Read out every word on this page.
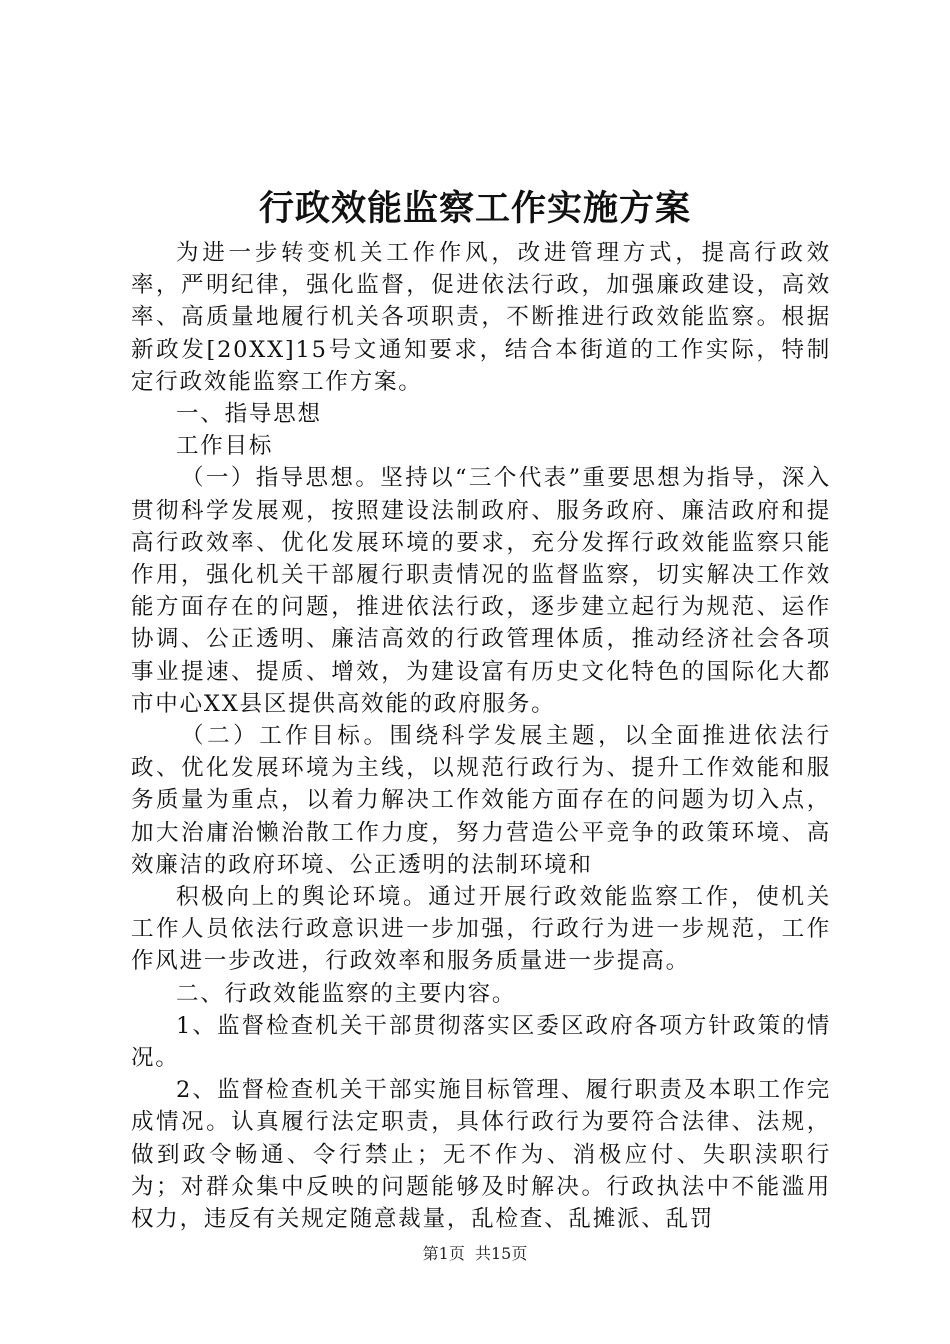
行政效能监察工作实施方案

为进一步转变机关工作作风，改进管理方式，提高行政效率，严明纪律，强化监督，促进依法行政，加强廉政建设，高效率、高质量地履行机关各项职责，不断推进行政效能监察。根据新政发[20XX]15号文通知要求，结合本街道的工作实际，特制定行政效能监察工作方案。

一、指导思想

工作目标

（一）指导思想。坚持以“三个代表”重要思想为指导，深入贯彻科学发展观，按照建设法制政府、服务政府、廉洁政府和提高行政效率、优化发展环境的要求，充分发挥行政效能监察只能作用，强化机关干部履行职责情况的监督监察，切实解决工作效能方面存在的问题，推进依法行政，逐步建立起行为规范、运作协调、公正透明、廉洁高效的行政管理体质，推动经济社会各项事业提速、提质、增效，为建设富有历史文化特色的国际化大都市中心XX县区提供高效能的政府服务。

（二）工作目标。围绕科学发展主题，以全面推进依法行政、优化发展环境为主线，以规范行政行为、提升工作效能和服务质量为重点，以着力解决工作效能方面存在的问题为切入点，加大治庸治懒治散工作力度，努力营造公平竞争的政策环境、高效廉洁的政府环境、公正透明的法制环境和

积极向上的舆论环境。通过开展行政效能监察工作，使机关工作人员依法行政意识进一步加强，行政行为进一步规范，工作作风进一步改进，行政效率和服务质量进一步提高。

二、行政效能监察的主要内容。

1、监督检查机关干部贯彻落实区委区政府各项方针政策的情况。

2、监督检查机关干部实施目标管理、履行职责及本职工作完成情况。认真履行法定职责，具体行政行为要符合法律、法规，做到政令畅通、令行禁止；无不作为、消极应付、失职渎职行为；对群众集中反映的问题能够及时解决。行政执法中不能滥用权力，违反有关规定随意裁量，乱检查、乱摊派、乱罚

第1页  共15页
